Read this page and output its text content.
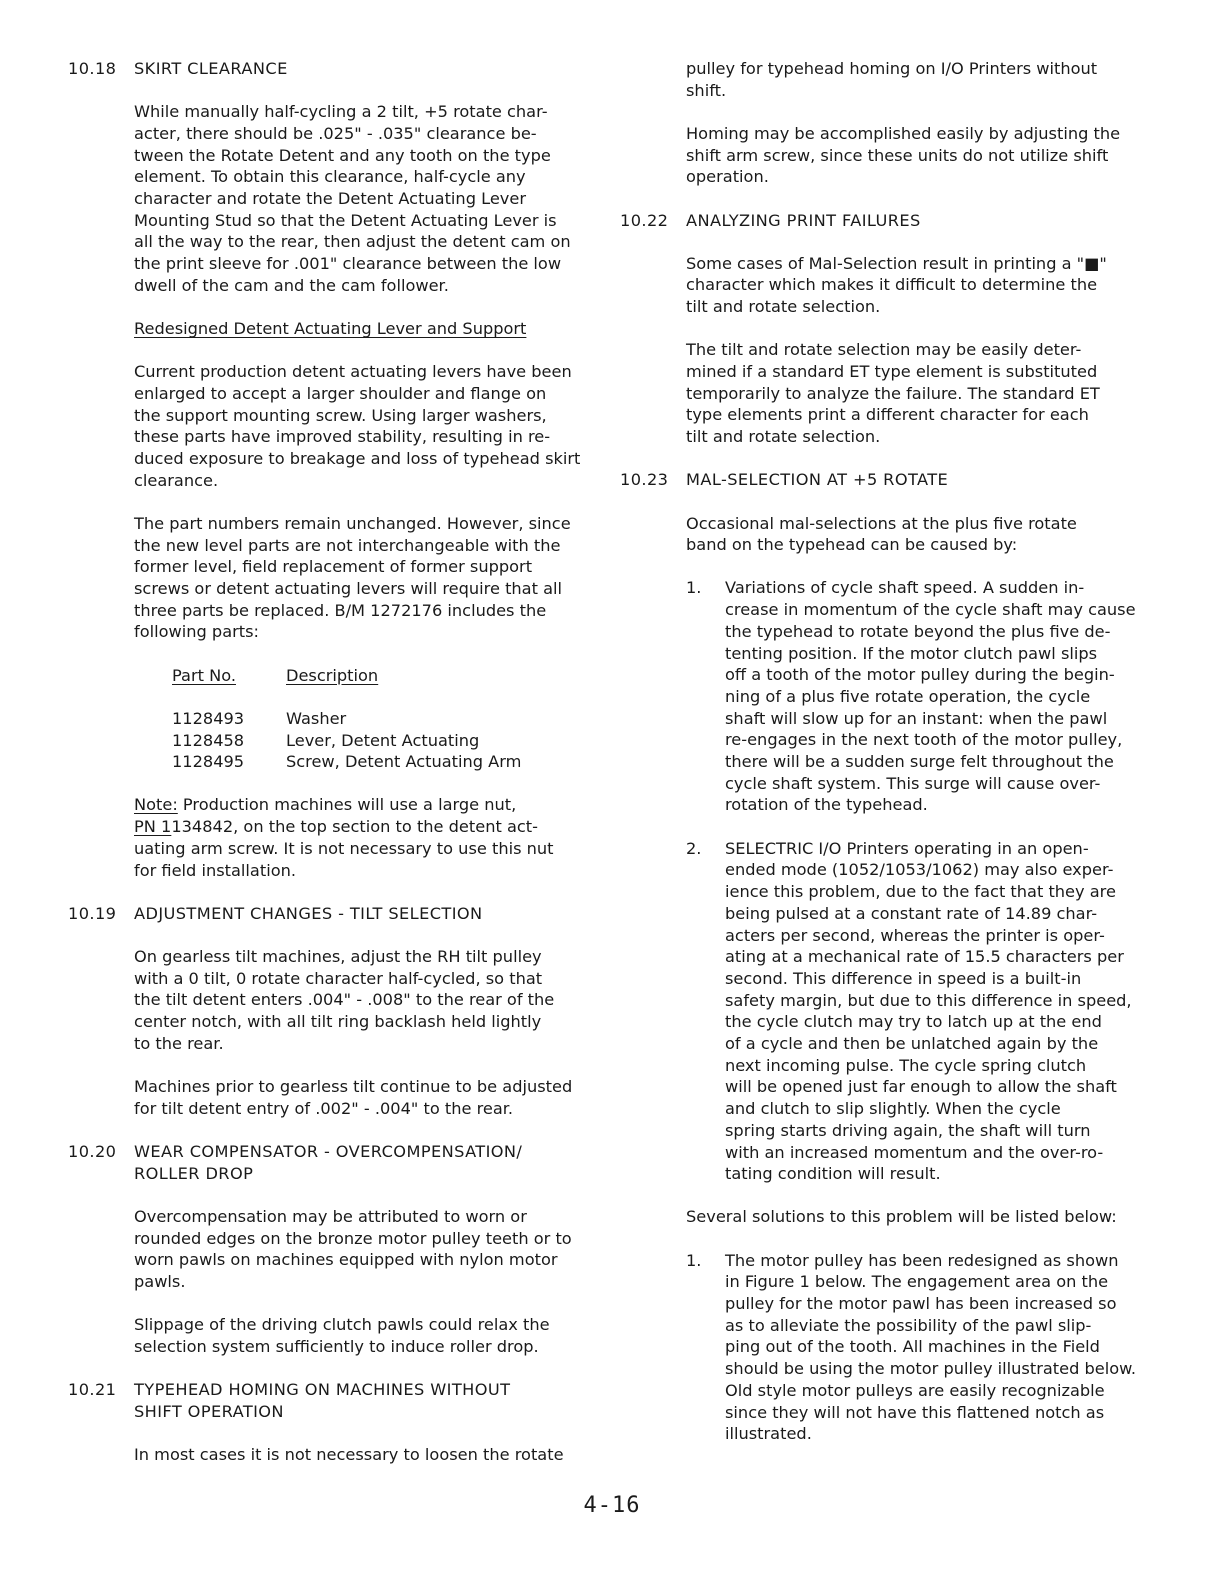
10.18	SKIRT CLEARANCE

While manually half-cycling a 2 tilt, +5 rotate char-
acter, there should be .025" - .035" clearance be-
tween the Rotate Detent and any tooth on the type
element. To obtain this clearance, half-cycle any
character and rotate the Detent Actuating Lever
Mounting Stud so that the Detent Actuating Lever is
all the way to the rear, then adjust the detent cam on
the print sleeve for .001" clearance between the low
dwell of the cam and the cam follower.

Redesigned Detent Actuating Lever and Support

Current production detent actuating levers have been
enlarged to accept a larger shoulder and flange on
the support mounting screw. Using larger washers,
these parts have improved stability, resulting in re-
duced exposure to breakage and loss of typehead skirt
clearance.

The part numbers remain unchanged. However, since
the new level parts are not interchangeable with the
former level, field replacement of former support
screws or detent actuating levers will require that all
three parts be replaced. B/M 1272176 includes the
following parts:

Part No.	Description
1128493	Washer
1128458	Lever, Detent Actuating
1128495	Screw, Detent Actuating Arm

Note: Production machines will use a large nut,
PN 1134842, on the top section to the detent act-
uating arm screw. It is not necessary to use this nut
for field installation.

10.19	ADJUSTMENT CHANGES - TILT SELECTION

On gearless tilt machines, adjust the RH tilt pulley
with a 0 tilt, 0 rotate character half-cycled, so that
the tilt detent enters .004" - .008" to the rear of the
center notch, with all tilt ring backlash held lightly
to the rear.

Machines prior to gearless tilt continue to be adjusted
for tilt detent entry of .002" - .004" to the rear.

10.20	WEAR COMPENSATOR - OVERCOMPENSATION/
ROLLER DROP

Overcompensation may be attributed to worn or
rounded edges on the bronze motor pulley teeth or to
worn pawls on machines equipped with nylon motor
pawls.

Slippage of the driving clutch pawls could relax the
selection system sufficiently to induce roller drop.

10.21	TYPEHEAD HOMING ON MACHINES WITHOUT
SHIFT OPERATION

In most cases it is not necessary to loosen the rotate

pulley for typehead homing on I/O Printers without
shift.

Homing may be accomplished easily by adjusting the
shift arm screw, since these units do not utilize shift
operation.

10.22	ANALYZING PRINT FAILURES

Some cases of Mal-Selection result in printing a "■"
character which makes it difficult to determine the
tilt and rotate selection.

The tilt and rotate selection may be easily deter-
mined if a standard ET type element is substituted
temporarily to analyze the failure. The standard ET
type elements print a different character for each
tilt and rotate selection.

10.23	MAL-SELECTION AT +5 ROTATE

Occasional mal-selections at the plus five rotate
band on the typehead can be caused by:

1.	Variations of cycle shaft speed. A sudden in-
crease in momentum of the cycle shaft may cause
the typehead to rotate beyond the plus five de-
tenting position. If the motor clutch pawl slips
off a tooth of the motor pulley during the begin-
ning of a plus five rotate operation, the cycle
shaft will slow up for an instant: when the pawl
re-engages in the next tooth of the motor pulley,
there will be a sudden surge felt throughout the
cycle shaft system. This surge will cause over-
rotation of the typehead.
2.	SELECTRIC I/O Printers operating in an open-
ended mode (1052/1053/1062) may also exper-
ience this problem, due to the fact that they are
being pulsed at a constant rate of 14.89 char-
acters per second, whereas the printer is oper-
ating at a mechanical rate of 15.5 characters per
second. This difference in speed is a built-in
safety margin, but due to this difference in speed,
the cycle clutch may try to latch up at the end
of a cycle and then be unlatched again by the
next incoming pulse. The cycle spring clutch
will be opened just far enough to allow the shaft
and clutch to slip slightly. When the cycle
spring starts driving again, the shaft will turn
with an increased momentum and the over-ro-
tating condition will result.

Several solutions to this problem will be listed below:

1.	The motor pulley has been redesigned as shown
in Figure 1 below. The engagement area on the
pulley for the motor pawl has been increased so
as to alleviate the possibility of the pawl slip-
ping out of the tooth. All machines in the Field
should be using the motor pulley illustrated below.
Old style motor pulleys are easily recognizable
since they will not have this flattened notch as
illustrated.
4-16
